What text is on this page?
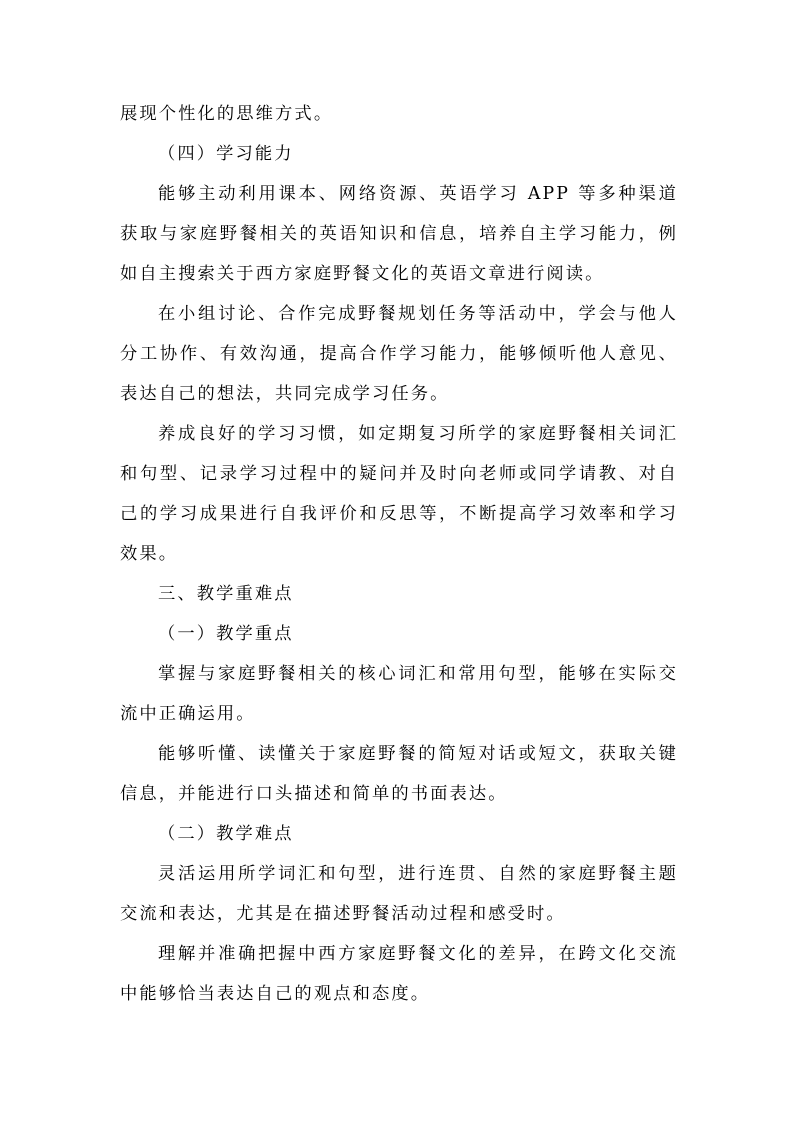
展现个性化的思维方式。

（四）学习能力

能够主动利用课本、网络资源、英语学习 APP 等多种渠道获取与家庭野餐相关的英语知识和信息，培养自主学习能力，例如自主搜索关于西方家庭野餐文化的英语文章进行阅读。

在小组讨论、合作完成野餐规划任务等活动中，学会与他人分工协作、有效沟通，提高合作学习能力，能够倾听他人意见、表达自己的想法，共同完成学习任务。

养成良好的学习习惯，如定期复习所学的家庭野餐相关词汇和句型、记录学习过程中的疑问并及时向老师或同学请教、对自己的学习成果进行自我评价和反思等，不断提高学习效率和学习效果。

三、教学重难点

（一）教学重点

掌握与家庭野餐相关的核心词汇和常用句型，能够在实际交流中正确运用。

能够听懂、读懂关于家庭野餐的简短对话或短文，获取关键信息，并能进行口头描述和简单的书面表达。

（二）教学难点

灵活运用所学词汇和句型，进行连贯、自然的家庭野餐主题交流和表达，尤其是在描述野餐活动过程和感受时。

理解并准确把握中西方家庭野餐文化的差异，在跨文化交流中能够恰当表达自己的观点和态度。
